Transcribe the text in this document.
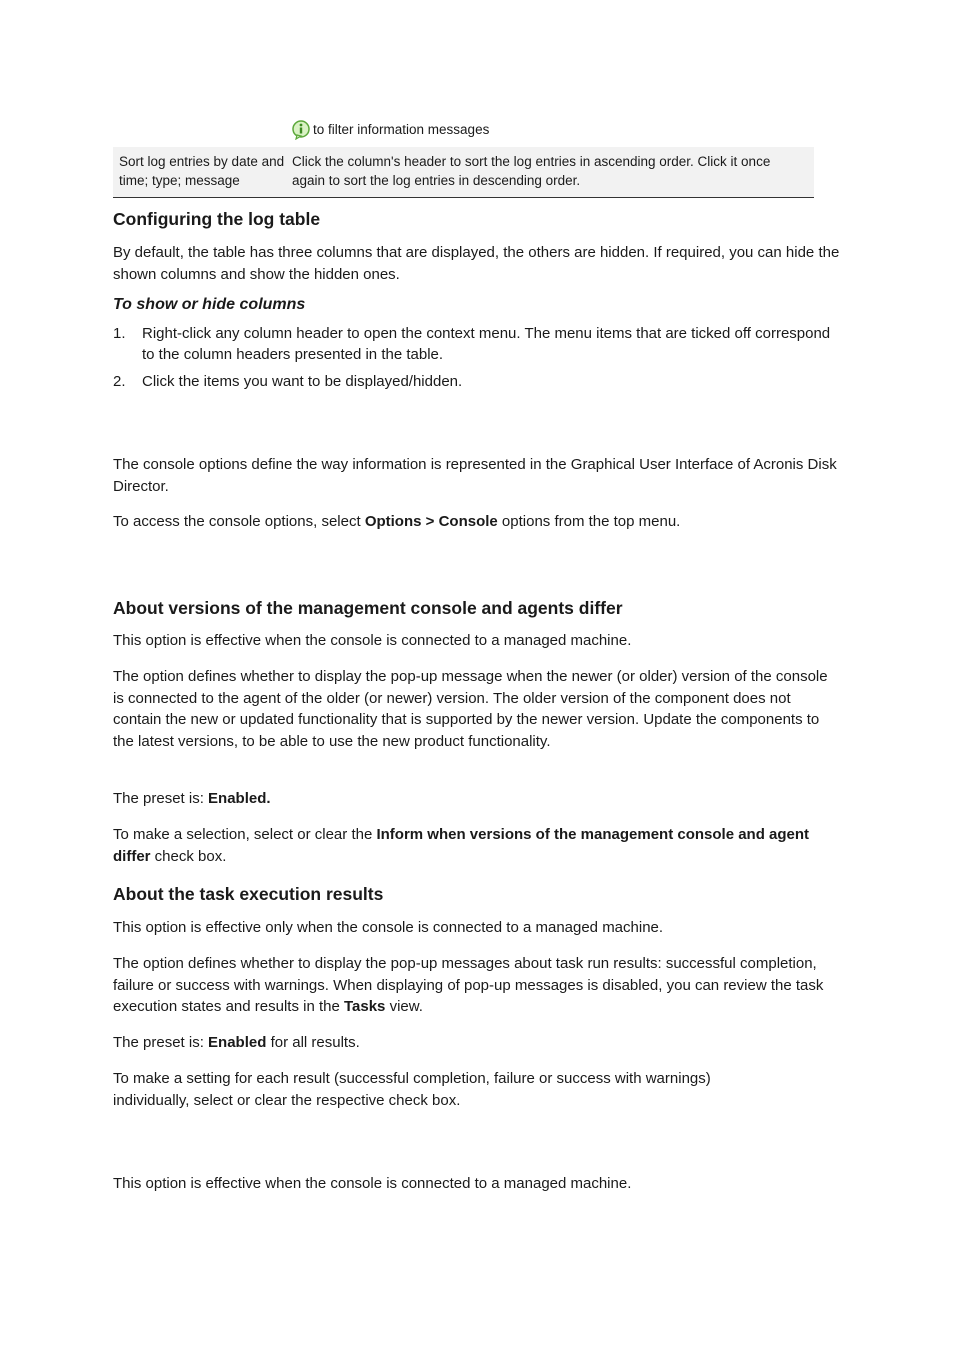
to filter information messages
Sort log entries by date and time; type; message
Click the column's header to sort the log entries in ascending order. Click it once again to sort the log entries in descending order.
Configuring the log table

By default, the table has three columns that are displayed, the others are hidden. If required, you can hide the shown columns and show the hidden ones.

To show or hide columns
1. Right-click any column header to open the context menu. The menu items that are ticked off correspond to the column headers presented in the table.
2. Click the items you want to be displayed/hidden.

The console options define the way information is represented in the Graphical User Interface of Acronis Disk Director.

To access the console options, select Options > Console options from the top menu.

About versions of the management console and agents differ

This option is effective when the console is connected to a managed machine.

The option defines whether to display the pop-up message when the newer (or older) version of the console is connected to the agent of the older (or newer) version. The older version of the component does not contain the new or updated functionality that is supported by the newer version. Update the components to the latest versions, to be able to use the new product functionality.

The preset is: Enabled.

To make a selection, select or clear the Inform when versions of the management console and agent differ check box.

About the task execution results

This option is effective only when the console is connected to a managed machine.

The option defines whether to display the pop-up messages about task run results: successful completion, failure or success with warnings. When displaying of pop-up messages is disabled, you can review the task execution states and results in the Tasks view.

The preset is: Enabled for all results.

To make a setting for each result (successful completion, failure or success with warnings) individually, select or clear the respective check box.

This option is effective when the console is connected to a managed machine.
